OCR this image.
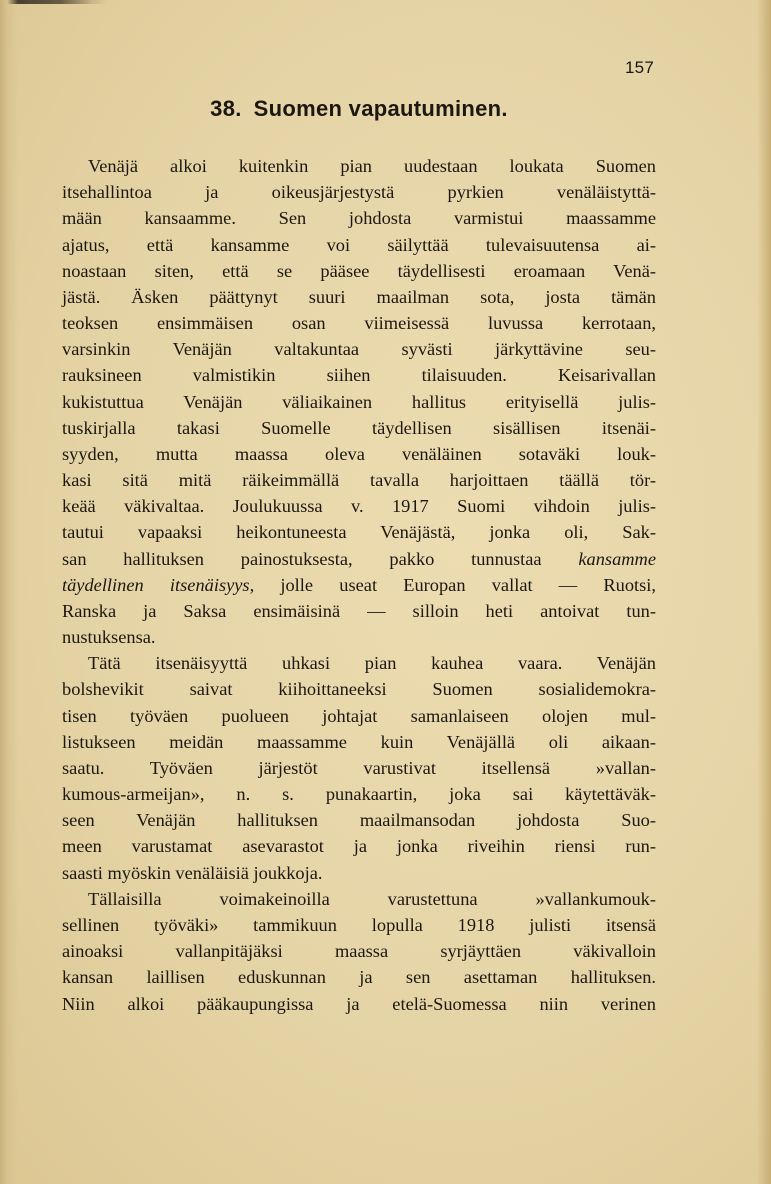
157
38. Suomen vapautuminen.
Venäjä alkoi kuitenkin pian uudestaan loukata Suomen
itsehallintoa ja oikeusjärjestystä pyrkien venäläistyttä-
mään kansaamme. Sen johdosta varmistui maassamme
ajatus, että kansamme voi säilyttää tulevaisuutensa ai-
noastaan siten, että se pääsee täydellisesti eroamaan Venä-
jästä. Äsken päättynyt suuri maailman sota, josta tämän
teoksen ensimmäisen osan viimeisessä luvussa kerrotaan,
varsinkin Venäjän valtakuntaa syvästi järkyttävine seu-
rauksineen valmistikin siihen tilaisuuden. Keisarivallan
kukistuttua Venäjän väliaikainen hallitus erityisellä julis-
tuskirjalla takasi Suomelle täydellisen sisällisen itsenäi-
syyden, mutta maassa oleva venäläinen sotaväki louk-
kasi sitä mitä räikeimmällä tavalla harjoittaen täällä tör-
keää väkivaltaa. Joulukuussa v. 1917 Suomi vihdoin julis-
tautui vapaaksi heikontuneesta Venäjästä, jonka oli, Sak-
san hallituksen painostuksesta, pakko tunnustaa kansamme
täydellinen itsenäisyys, jolle useat Europan vallat — Ruotsi,
Ranska ja Saksa ensimäisinä — silloin heti antoivat tun-
nustuksensa.
Tätä itsenäisyyttä uhkasi pian kauhea vaara. Venäjän
bolshevikit saivat kiihoittaneeksi Suomen sosialidemokra-
tisen työväen puolueen johtajat samanlaiseen olojen mul-
listukseen meidän maassamme kuin Venäjällä oli aikaan-
saatu. Työväen järjestöt varustivat itsellensä »vallan-
kumous-armeijan», n. s. punakaartin, joka sai käytettäväk-
seen Venäjän hallituksen maailmansodan johdosta Suo-
meen varustamat asevarastot ja jonka riveihin riensi run-
saasti myöskin venäläisiä joukkoja.
Tällaisilla voimakeinoilla varustettuna »vallankumouk-
sellinen työväki» tammikuun lopulla 1918 julisti itsensä
ainoaksi vallanpitäjäksi maassa syrjäyttäen väkivalloin
kansan laillisen eduskunnan ja sen asettaman hallituksen.
Niin alkoi pääkaupungissa ja etelä-Suomessa niin verinen
